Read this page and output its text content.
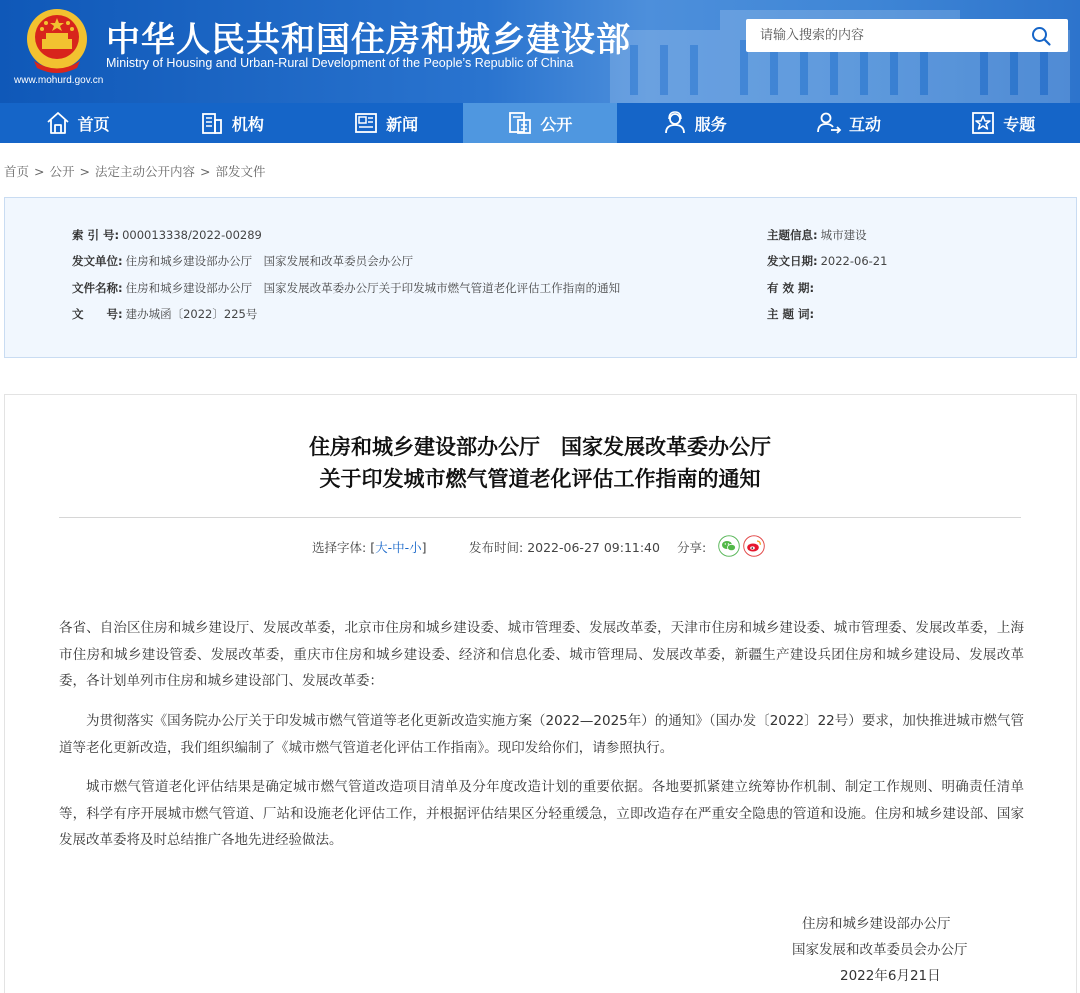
中华人民共和国住房和城乡建设部
Ministry of Housing and Urban-Rural Development of the People’s Republic of China
www.mohurd.gov.cn
请输入搜索的内容
首页	机构	新闻	公开	服务	互动	专题
首页 > 公开 > 法定主动公开内容 > 部发文件
索 引 号: 000013338/2022-00289
发文单位: 住房和城乡建设部办公厅　国家发展和改革委员会办公厅
文件名称: 住房和城乡建设部办公厅　国家发展改革委办公厅关于印发城市燃气管道老化评估工作指南的通知
文　　号: 建办城函〔2022〕225号
主题信息: 城市建设
发文日期: 2022-06-21
有 效 期:
主 题 词:
住房和城乡建设部办公厅　国家发展改革委办公厅
关于印发城市燃气管道老化评估工作指南的通知
选择字体: [大-中-小]	发布时间: 2022-06-27 09:11:40 分享:
各省、自治区住房和城乡建设厅、发展改革委，北京市住房和城乡建设委、城市管理委、发展改革委，天津市住房和城乡建设委、城市管理委、发展改革委，上海市住房和城乡建设管委、发展改革委，重庆市住房和城乡建设委、经济和信息化委、城市管理局、发展改革委，新疆生产建设兵团住房和城乡建设局、发展改革委，各计划单列市住房和城乡建设部门、发展改革委：
为贯彻落实《国务院办公厅关于印发城市燃气管道等老化更新改造实施方案（2022—2025年）的通知》（国办发〔2022〕22号）要求，加快推进城市燃气管道等老化更新改造，我们组织编制了《城市燃气管道老化评估工作指南》。现印发给你们，请参照执行。
城市燃气管道老化评估结果是确定城市燃气管道改造项目清单及分年度改造计划的重要依据。各地要抓紧建立统筹协作机制、制定工作规则、明确责任清单等，科学有序开展城市燃气管道、厂站和设施老化评估工作，并根据评估结果区分轻重缓急，立即改造存在严重安全隐患的管道和设施。住房和城乡建设部、国家发展改革委将及时总结推广各地先进经验做法。
住房和城乡建设部办公厅
国家发展和改革委员会办公厅
2022年6月21日
